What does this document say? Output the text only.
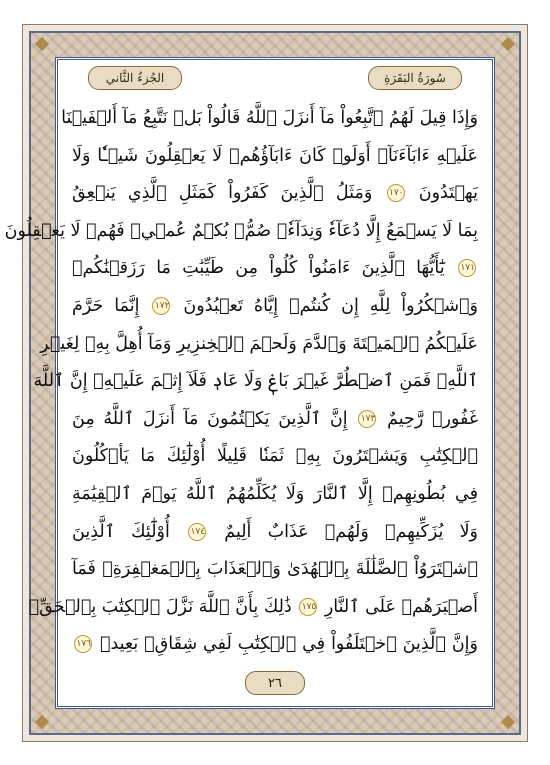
الجُزءُ الثَّاني	سُورَةُ البَقَرَةِ
وَإِذَا قِيلَ لَهُمُ ٱتَّبِعُواْ مَآ أَنزَلَ ٱللَّهُ قَالُواْ بَلۡ نَتَّبِعُ مَآ أَلۡفَيۡنَا
عَلَيۡهِ ءَابَآءَنَآۚ أَوَلَوۡ كَانَ ءَابَآؤُهُمۡ لَا يَعۡقِلُونَ شَيۡـٔٗا وَلَا
يَهۡتَدُونَ ١٧٠ وَمَثَلُ ٱلَّذِينَ كَفَرُواْ كَمَثَلِ ٱلَّذِي يَنۡعِقُ
بِمَا لَا يَسۡمَعُ إِلَّا دُعَآءٗ وَنِدَآءٗۚ صُمُّۢ بُكۡمٌ عُمۡيٞ فَهُمۡ لَا يَعۡقِلُونَ
١٧١ يَٰٓأَيُّهَا ٱلَّذِينَ ءَامَنُواْ كُلُواْ مِن طَيِّبَٰتِ مَا رَزَقۡنَٰكُمۡ
وَٱشۡكُرُواْ لِلَّهِ إِن كُنتُمۡ إِيَّاهُ تَعۡبُدُونَ ١٧٢ إِنَّمَا حَرَّمَ
عَلَيۡكُمُ ٱلۡمَيۡتَةَ وَٱلدَّمَ وَلَحۡمَ ٱلۡخِنزِيرِ وَمَآ أُهِلَّ بِهِۦ لِغَيۡرِ
ٱللَّهِۖ فَمَنِ ٱضۡطُرَّ غَيۡرَ بَاغٖ وَلَا عَادٖ فَلَآ إِثۡمَ عَلَيۡهِۚ إِنَّ ٱللَّهَ
غَفُورٞ رَّحِيمٌ ١٧٣ إِنَّ ٱلَّذِينَ يَكۡتُمُونَ مَآ أَنزَلَ ٱللَّهُ مِنَ
ٱلۡكِتَٰبِ وَيَشۡتَرُونَ بِهِۦ ثَمَنٗا قَلِيلًا أُوْلَٰٓئِكَ مَا يَأۡكُلُونَ
فِي بُطُونِهِمۡ إِلَّا ٱلنَّارَ وَلَا يُكَلِّمُهُمُ ٱللَّهُ يَوۡمَ ٱلۡقِيَٰمَةِ
وَلَا يُزَكِّيهِمۡ وَلَهُمۡ عَذَابٌ أَلِيمٌ ١٧٤ أُوْلَٰٓئِكَ ٱلَّذِينَ
ٱشۡتَرَوُاْ ٱلضَّلَٰلَةَ بِٱلۡهُدَىٰ وَٱلۡعَذَابَ بِٱلۡمَغۡفِرَةِۚ فَمَآ
أَصۡبَرَهُمۡ عَلَى ٱلنَّارِ ١٧٥ ذَٰلِكَ بِأَنَّ ٱللَّهَ نَزَّلَ ٱلۡكِتَٰبَ بِٱلۡحَقِّۗ
وَإِنَّ ٱلَّذِينَ ٱخۡتَلَفُواْ فِي ٱلۡكِتَٰبِ لَفِي شِقَاقِۭ بَعِيدٖ ١٧٦
٢٦
